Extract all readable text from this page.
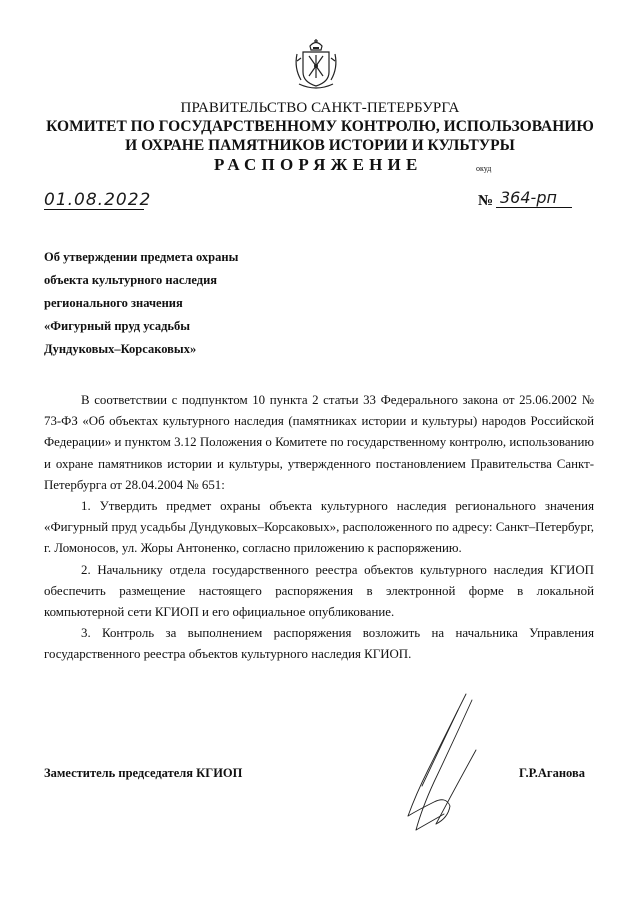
ПРАВИТЕЛЬСТВО САНКТ-ПЕТЕРБУРГА
КОМИТЕТ ПО ГОСУДАРСТВЕННОМУ КОНТРОЛЮ, ИСПОЛЬЗОВАНИЮ
И ОХРАНЕ ПАМЯТНИКОВ ИСТОРИИ И КУЛЬТУРЫ
РАСПОРЯЖЕНИЕ	окуд
01.08.2022	№ 364-рп
Об утверждении предмета охраны
объекта культурного наследия
регионального значения
«Фигурный пруд усадьбы
Дундуковых–Корсаковых»

В соответствии с подпунктом 10 пункта 2 статьи 33 Федерального закона от 25.06.2002 № 73-ФЗ «Об объектах культурного наследия (памятниках истории и культуры) народов Российской Федерации» и пунктом 3.12 Положения о Комитете по государственному контролю, использованию и охране памятников истории и культуры, утвержденного постановлением Правительства Санкт-Петербурга от 28.04.2004 № 651:

1. Утвердить предмет охраны объекта культурного наследия регионального значения «Фигурный пруд усадьбы Дундуковых–Корсаковых», расположенного по адресу: Санкт–Петербург, г. Ломоносов, ул. Жоры Антоненко, согласно приложению к распоряжению.

2. Начальнику отдела государственного реестра объектов культурного наследия КГИОП обеспечить размещение настоящего распоряжения в электронной форме в локальной компьютерной сети КГИОП и его официальное опубликование.

3. Контроль за выполнением распоряжения возложить на начальника Управления государственного реестра объектов культурного наследия КГИОП.

Заместитель председателя КГИОП	Г.Р.Аганова
